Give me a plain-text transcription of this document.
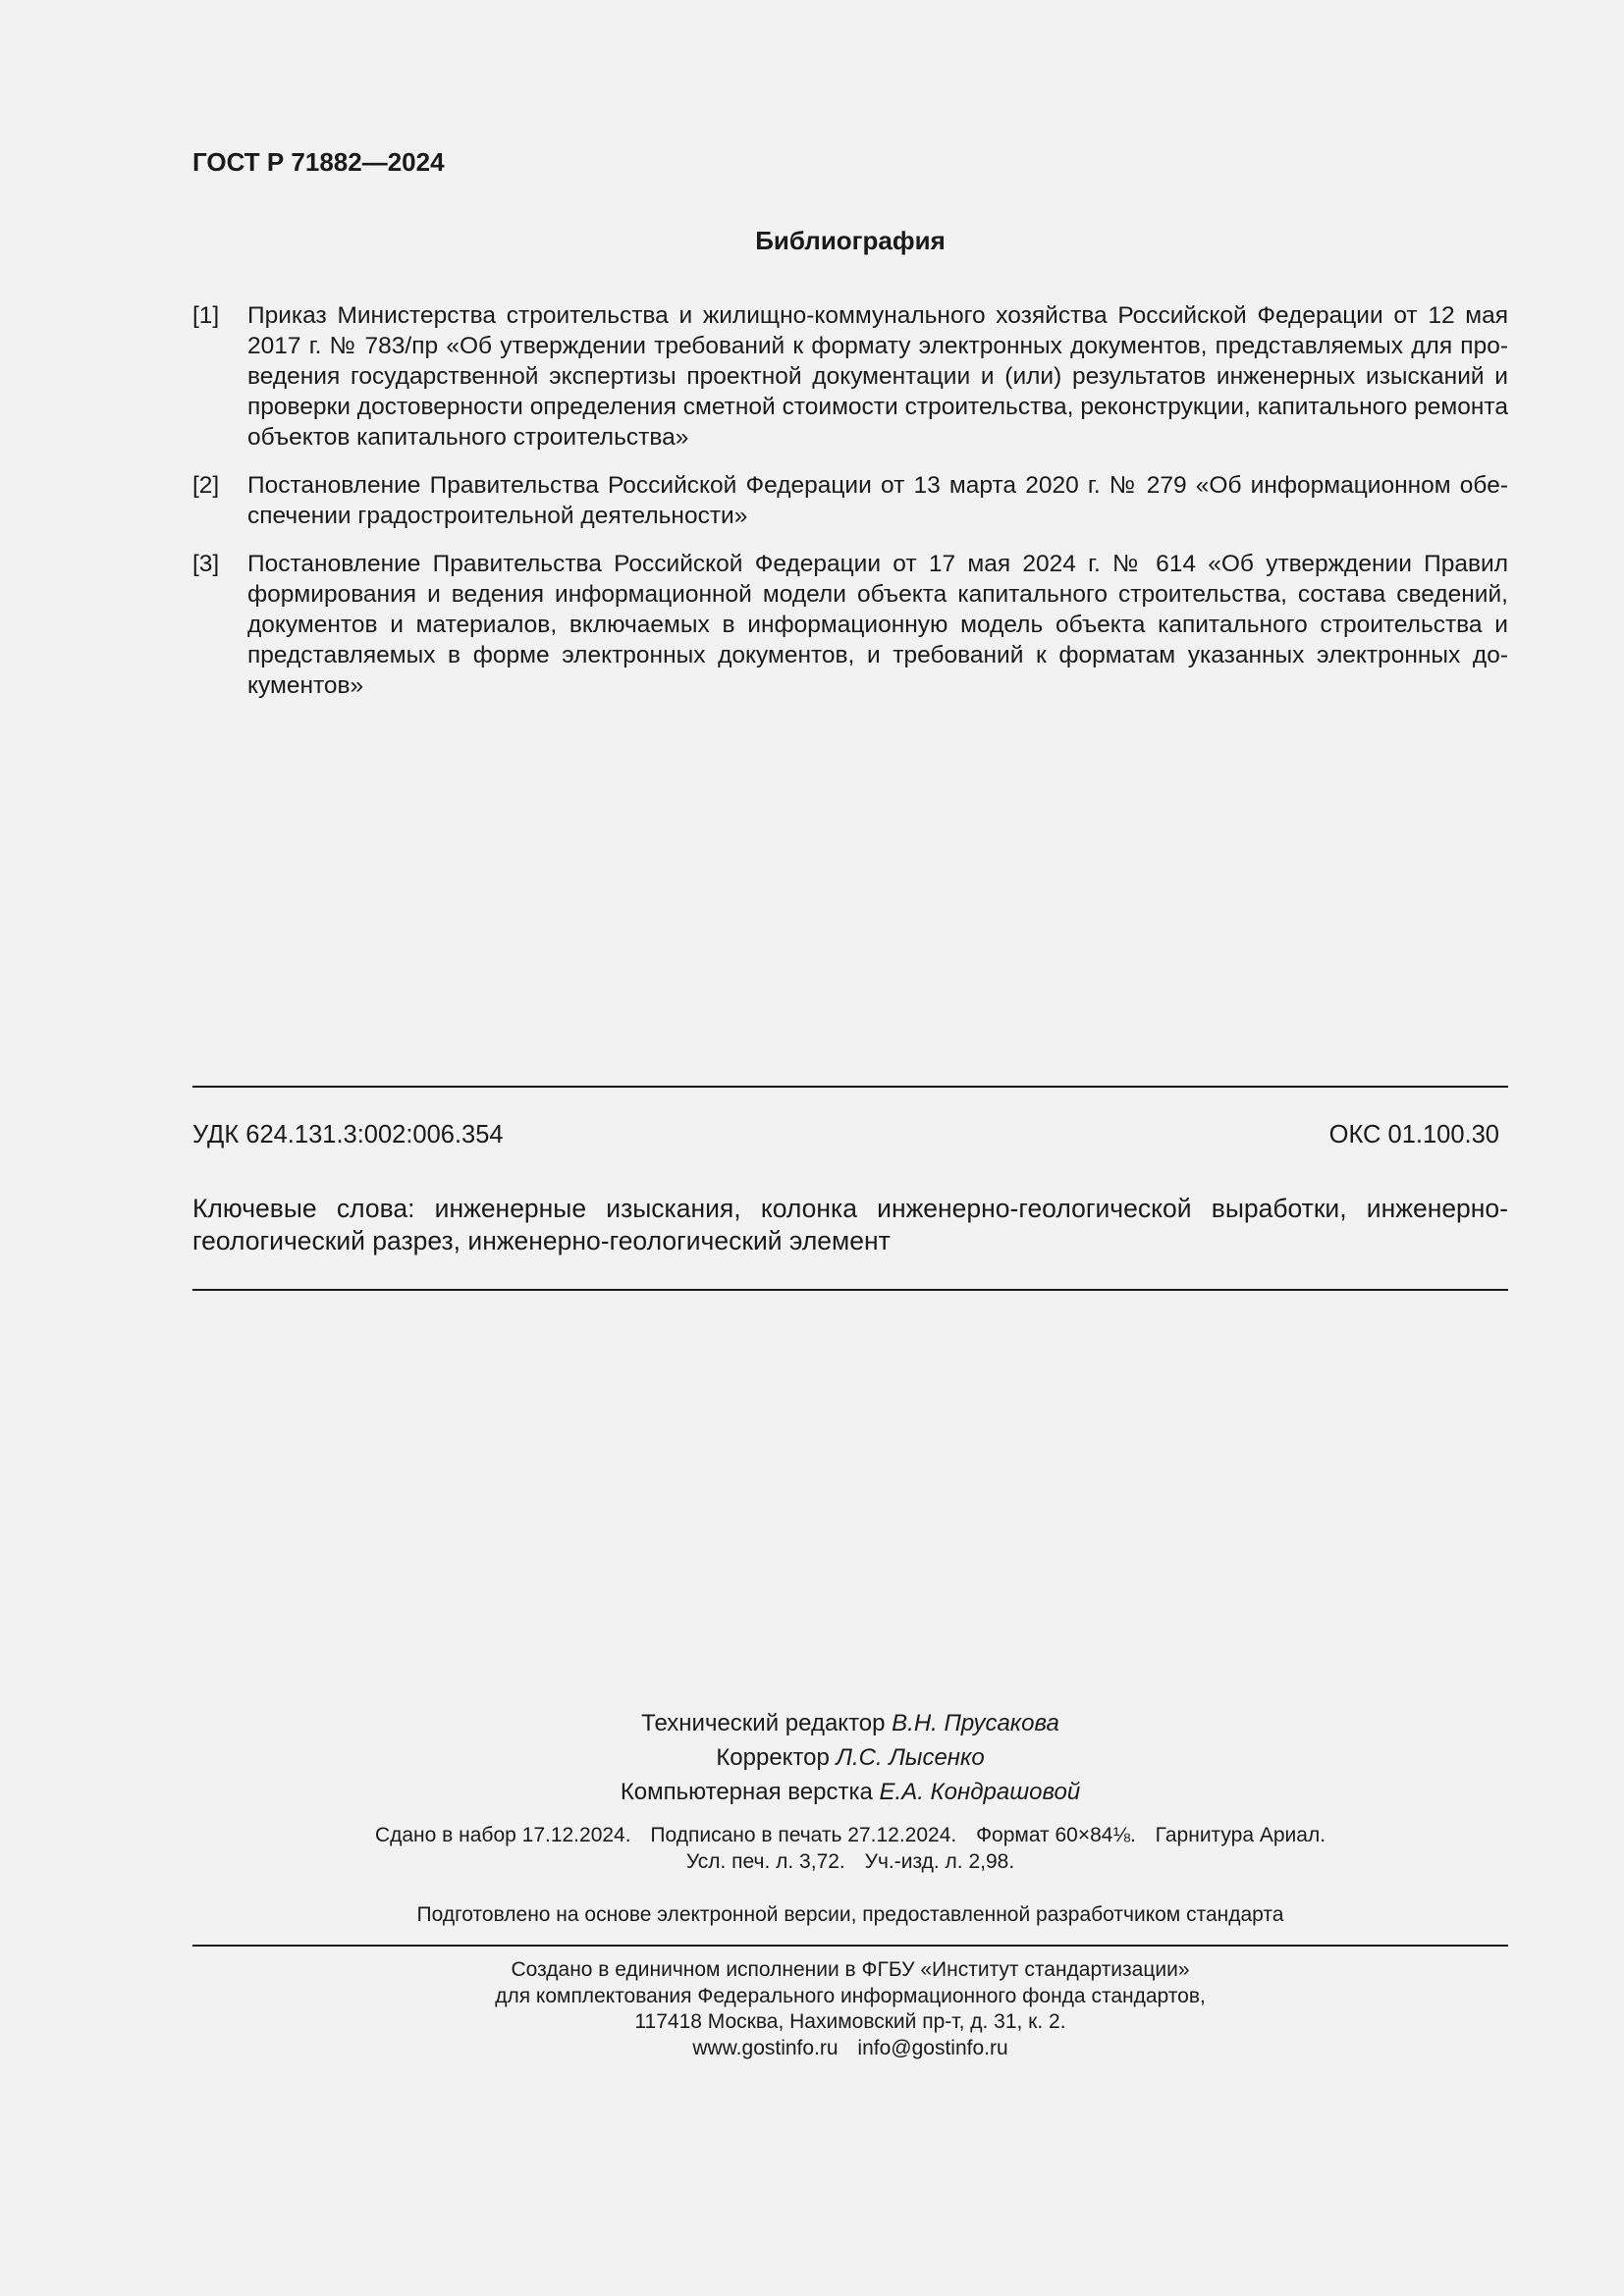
ГОСТ Р 71882—2024
Библиография
[1] Приказ Министерства строительства и жилищно-коммунального хозяйства Российской Федерации от 12 мая 2017 г. № 783/пр «Об утверждении требований к формату электронных документов, представляемых для проведения государственной экспертизы проектной документации и (или) результатов инженерных изысканий и проверки достоверности определения сметной стоимости строительства, реконструкции, капитального ремонта объектов капитального строительства»
[2] Постановление Правительства Российской Федерации от 13 марта 2020 г. № 279 «Об информационном обеспечении градостроительной деятельности»
[3] Постановление Правительства Российской Федерации от 17 мая 2024 г. № 614 «Об утверждении Правил формирования и ведения информационной модели объекта капитального строительства, состава сведений, документов и материалов, включаемых в информационную модель объекта капитального строительства и представляемых в форме электронных документов, и требований к форматам указанных электронных документов»
УДК 624.131.3:002:006.354	ОКС 01.100.30
Ключевые слова: инженерные изыскания, колонка инженерно-геологической выработки, инженерно-геологический разрез, инженерно-геологический элемент
Технический редактор В.Н. Прусакова
Корректор Л.С. Лысенко
Компьютерная верстка Е.А. Кондрашовой
Сдано в набор 17.12.2024. Подписано в печать 27.12.2024. Формат 60×84⅛. Гарнитура Ариал.
Усл. печ. л. 3,72. Уч.-изд. л. 2,98.
Подготовлено на основе электронной версии, предоставленной разработчиком стандарта
Создано в единичном исполнении в ФГБУ «Институт стандартизации»
для комплектования Федерального информационного фонда стандартов,
117418 Москва, Нахимовский пр-т, д. 31, к. 2.
www.gostinfo.ru info@gostinfo.ru
